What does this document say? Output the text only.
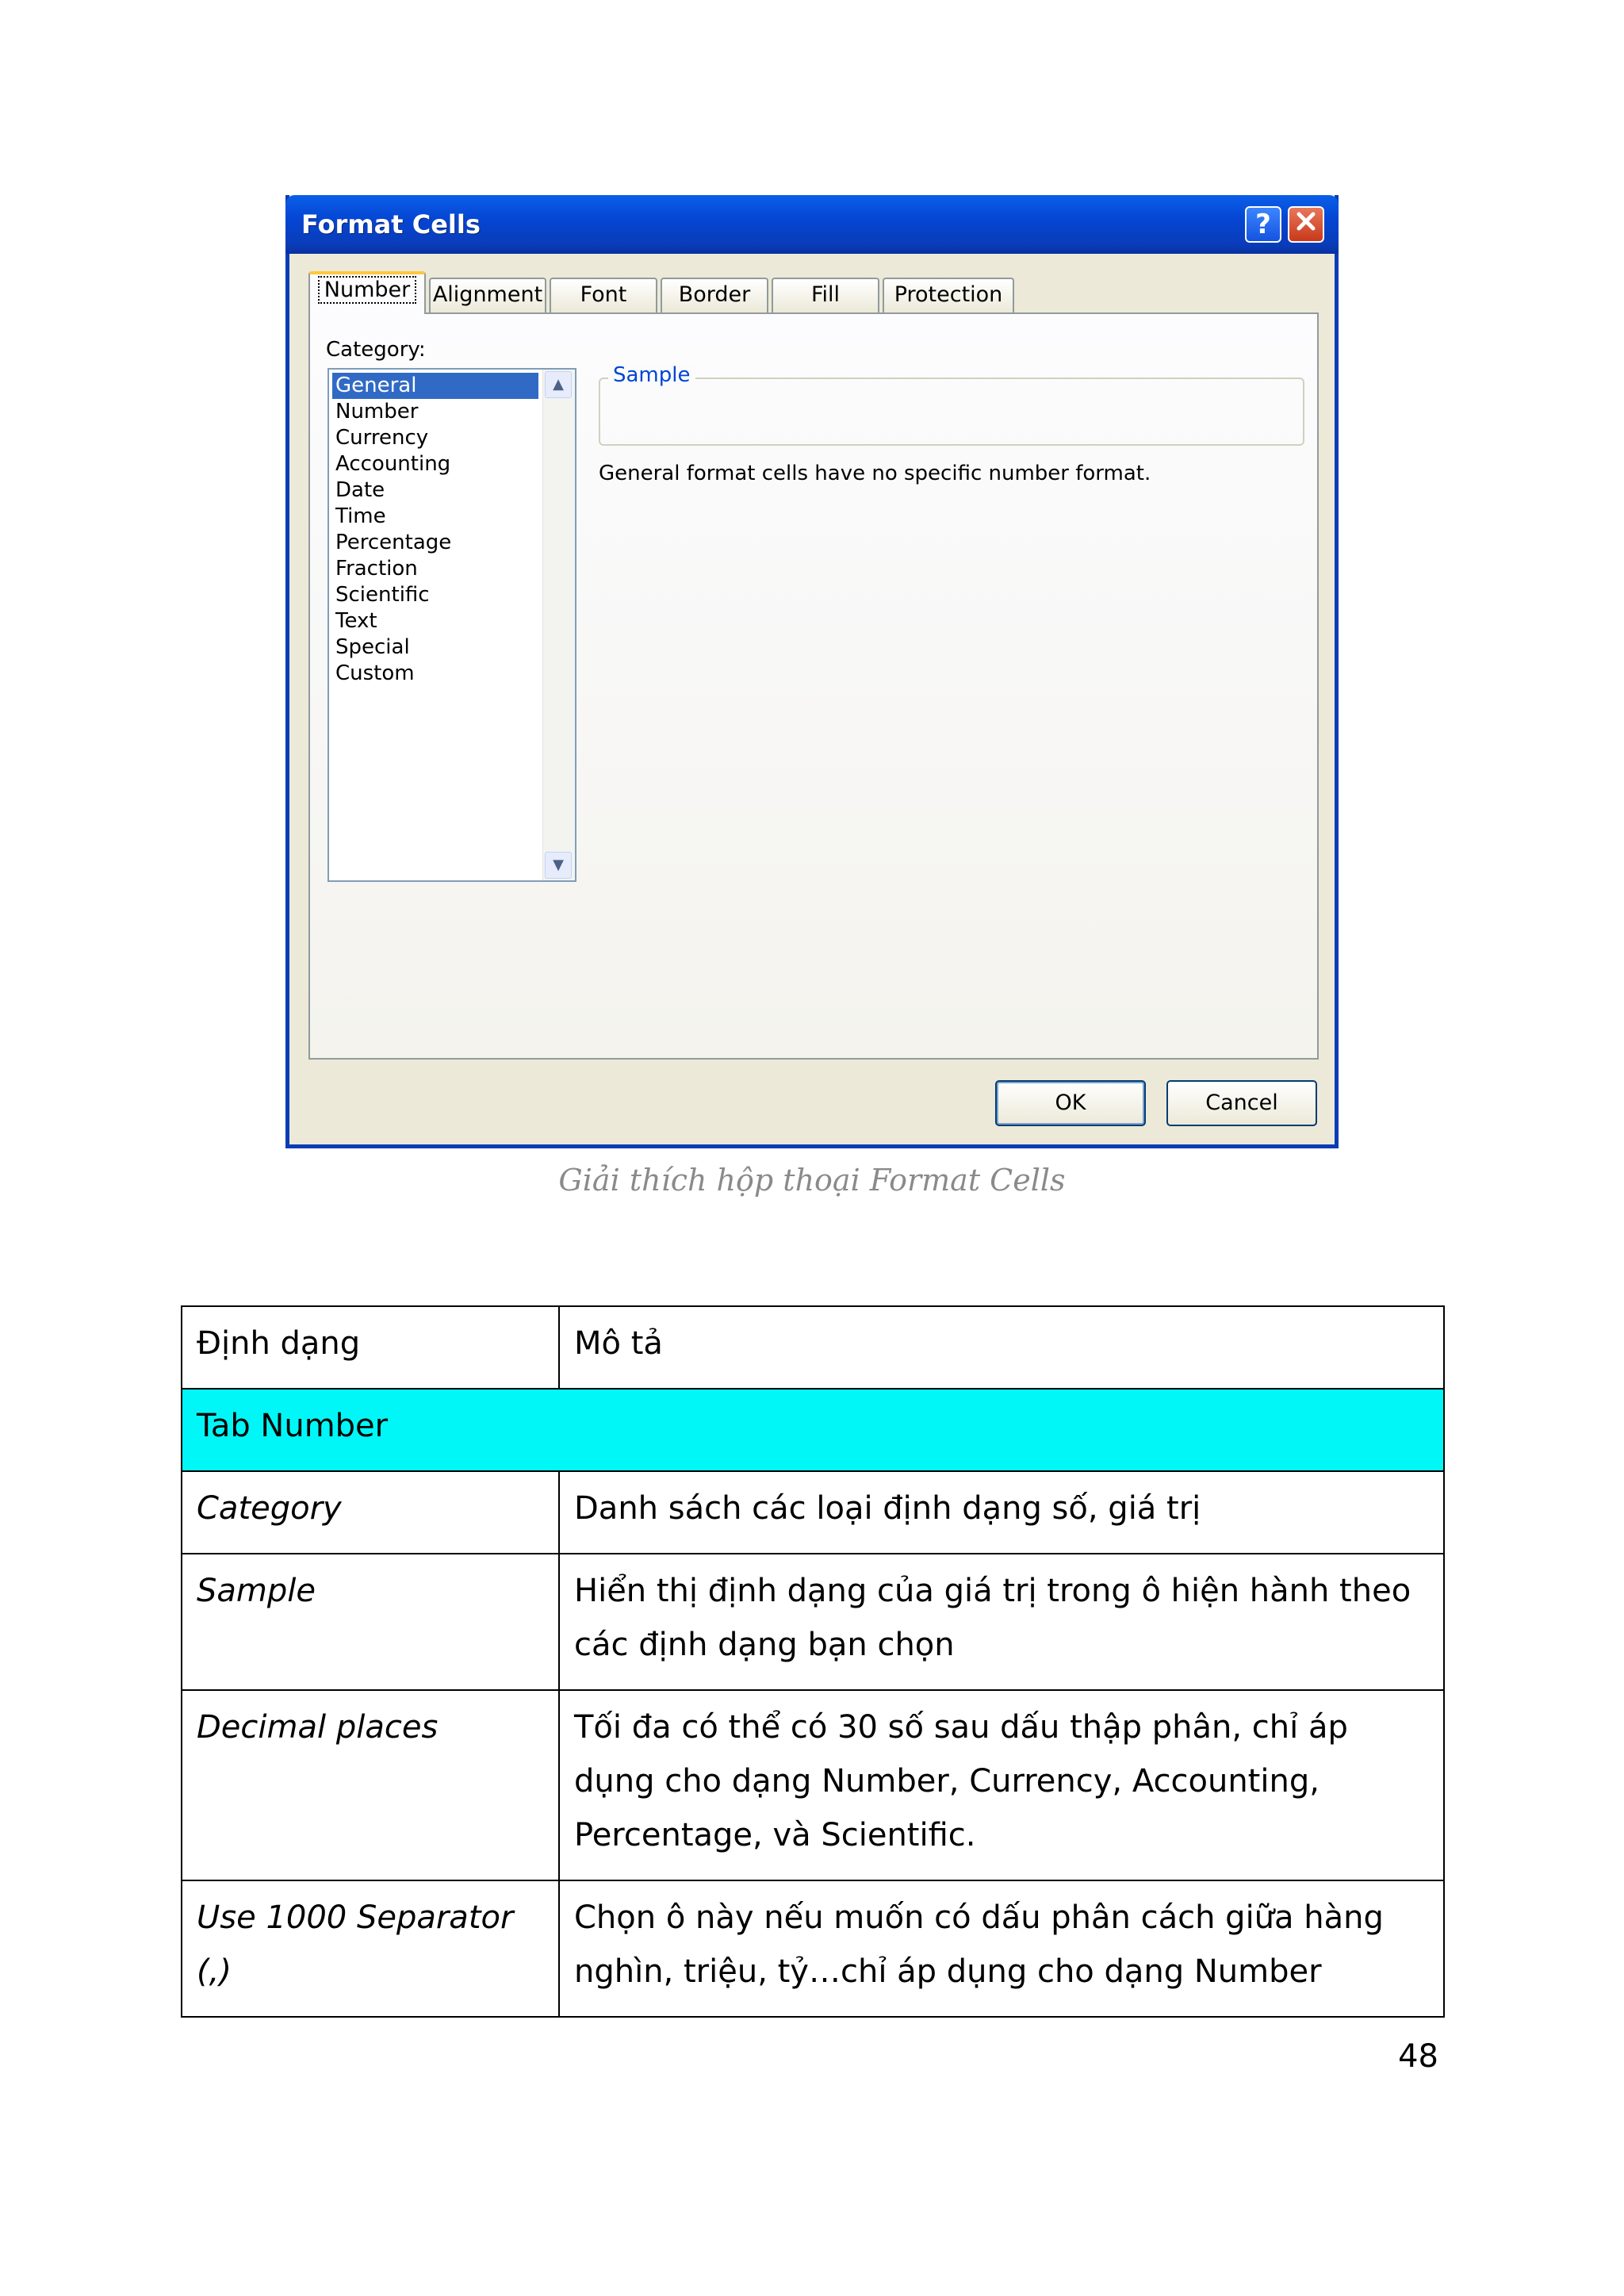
Format Cells	?
Number	Alignment	Font	Border	Fill	Protection
Category:
General
Number
Currency
Accounting
Date
Time
Percentage
Fraction
Scientific
Text
Special
Custom
▲
▼
Sample
General format cells have no specific number format.
OK	Cancel
Giải thích hộp thoại Format Cells
Định dạng	Mô tả
Tab Number	
Category	Danh sách các loại định dạng số, giá trị
Sample	Hiển thị định dạng của giá trị trong ô hiện hành theo các định dạng bạn chọn
Decimal places	Tối đa có thể có 30 số sau dấu thập phân, chỉ áp dụng cho dạng Number, Currency, Accounting, Percentage, và Scientific.
Use 1000 Separator (,)	Chọn ô này nếu muốn có dấu phân cách giữa hàng nghìn, triệu, tỷ…chỉ áp dụng cho dạng Number
48
